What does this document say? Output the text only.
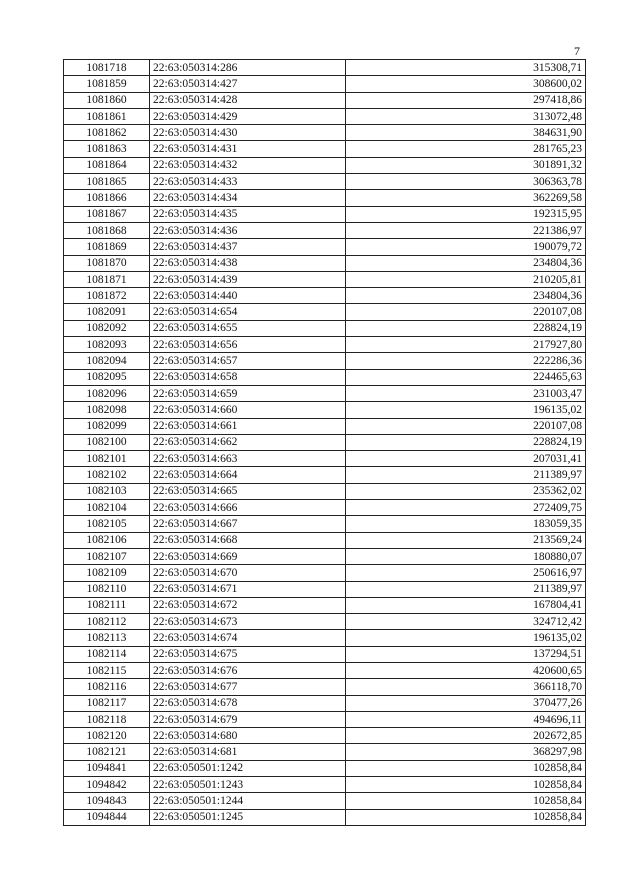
7
1081718	22:63:050314:286	315308,71
1081859	22:63:050314:427	308600,02
1081860	22:63:050314:428	297418,86
1081861	22:63:050314:429	313072,48
1081862	22:63:050314:430	384631,90
1081863	22:63:050314:431	281765,23
1081864	22:63:050314:432	301891,32
1081865	22:63:050314:433	306363,78
1081866	22:63:050314:434	362269,58
1081867	22:63:050314:435	192315,95
1081868	22:63:050314:436	221386,97
1081869	22:63:050314:437	190079,72
1081870	22:63:050314:438	234804,36
1081871	22:63:050314:439	210205,81
1081872	22:63:050314:440	234804,36
1082091	22:63:050314:654	220107,08
1082092	22:63:050314:655	228824,19
1082093	22:63:050314:656	217927,80
1082094	22:63:050314:657	222286,36
1082095	22:63:050314:658	224465,63
1082096	22:63:050314:659	231003,47
1082098	22:63:050314:660	196135,02
1082099	22:63:050314:661	220107,08
1082100	22:63:050314:662	228824,19
1082101	22:63:050314:663	207031,41
1082102	22:63:050314:664	211389,97
1082103	22:63:050314:665	235362,02
1082104	22:63:050314:666	272409,75
1082105	22:63:050314:667	183059,35
1082106	22:63:050314:668	213569,24
1082107	22:63:050314:669	180880,07
1082109	22:63:050314:670	250616,97
1082110	22:63:050314:671	211389,97
1082111	22:63:050314:672	167804,41
1082112	22:63:050314:673	324712,42
1082113	22:63:050314:674	196135,02
1082114	22:63:050314:675	137294,51
1082115	22:63:050314:676	420600,65
1082116	22:63:050314:677	366118,70
1082117	22:63:050314:678	370477,26
1082118	22:63:050314:679	494696,11
1082120	22:63:050314:680	202672,85
1082121	22:63:050314:681	368297,98
1094841	22:63:050501:1242	102858,84
1094842	22:63:050501:1243	102858,84
1094843	22:63:050501:1244	102858,84
1094844	22:63:050501:1245	102858,84
